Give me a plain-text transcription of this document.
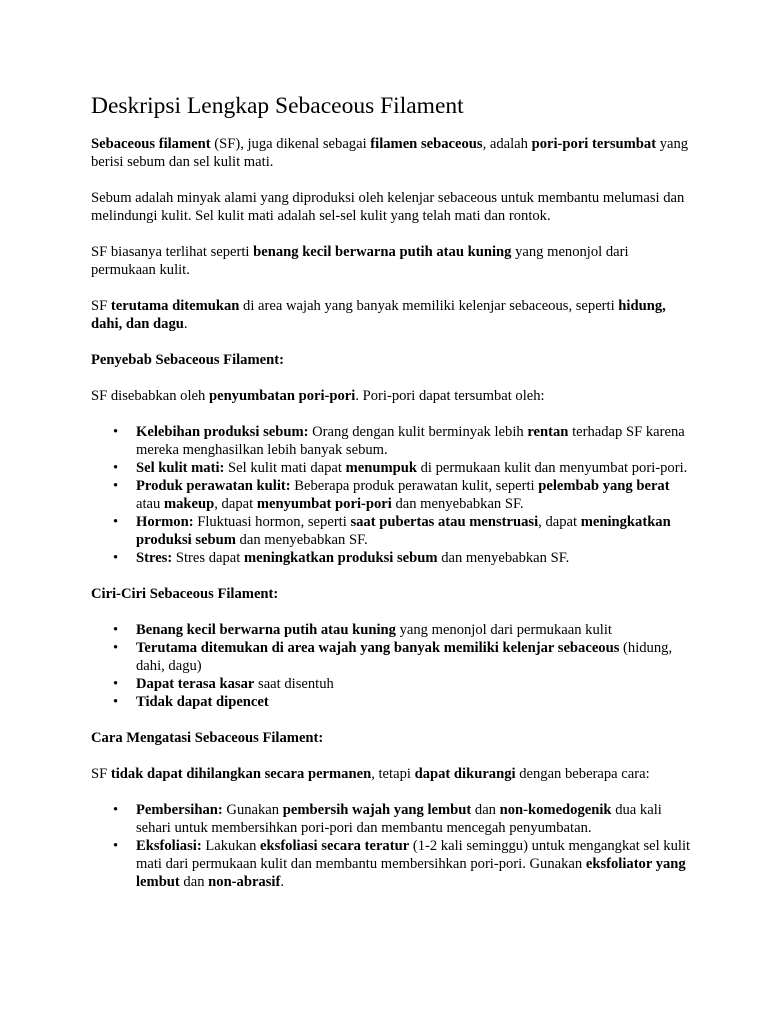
Deskripsi Lengkap Sebaceous Filament

Sebaceous filament (SF), juga dikenal sebagai filamen sebaceous, adalah pori-pori tersumbat yang berisi sebum dan sel kulit mati.

Sebum adalah minyak alami yang diproduksi oleh kelenjar sebaceous untuk membantu melumasi dan melindungi kulit. Sel kulit mati adalah sel-sel kulit yang telah mati dan rontok.

SF biasanya terlihat seperti benang kecil berwarna putih atau kuning yang menonjol dari permukaan kulit.

SF terutama ditemukan di area wajah yang banyak memiliki kelenjar sebaceous, seperti hidung, dahi, dan dagu.

Penyebab Sebaceous Filament:

SF disebabkan oleh penyumbatan pori-pori. Pori-pori dapat tersumbat oleh:

• Kelebihan produksi sebum: Orang dengan kulit berminyak lebih rentan terhadap SF karena mereka menghasilkan lebih banyak sebum.
• Sel kulit mati: Sel kulit mati dapat menumpuk di permukaan kulit dan menyumbat pori-pori.
• Produk perawatan kulit: Beberapa produk perawatan kulit, seperti pelembab yang berat atau makeup, dapat menyumbat pori-pori dan menyebabkan SF.
• Hormon: Fluktuasi hormon, seperti saat pubertas atau menstruasi, dapat meningkatkan produksi sebum dan menyebabkan SF.
• Stres: Stres dapat meningkatkan produksi sebum dan menyebabkan SF.
Ciri-Ciri Sebaceous Filament:
• Benang kecil berwarna putih atau kuning yang menonjol dari permukaan kulit
• Terutama ditemukan di area wajah yang banyak memiliki kelenjar sebaceous (hidung, dahi, dagu)
• Dapat terasa kasar saat disentuh
• Tidak dapat dipencet
Cara Mengatasi Sebaceous Filament:

SF tidak dapat dihilangkan secara permanen, tetapi dapat dikurangi dengan beberapa cara:

• Pembersihan: Gunakan pembersih wajah yang lembut dan non-komedogenik dua kali sehari untuk membersihkan pori-pori dan membantu mencegah penyumbatan.
• Eksfoliasi: Lakukan eksfoliasi secara teratur (1-2 kali seminggu) untuk mengangkat sel kulit mati dari permukaan kulit dan membantu membersihkan pori-pori. Gunakan eksfoliator yang lembut dan non-abrasif.
